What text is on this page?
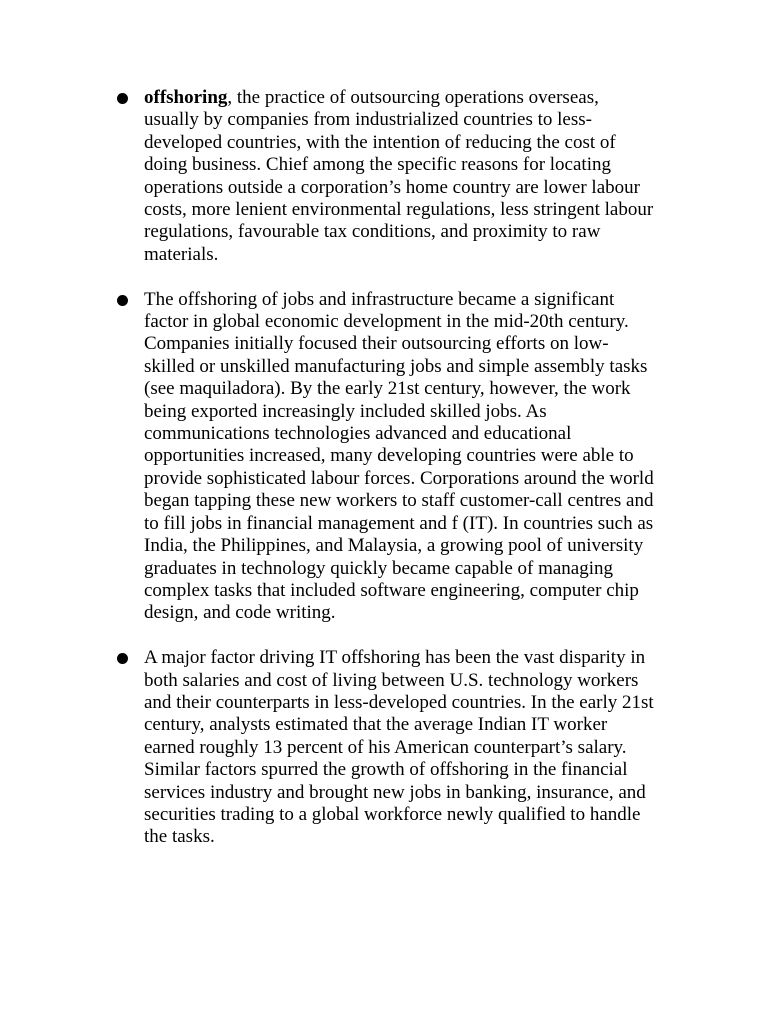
offshoring, the practice of outsourcing operations overseas, usually by companies from industrialized countries to less-developed countries, with the intention of reducing the cost of doing business. Chief among the specific reasons for locating operations outside a corporation’s home country are lower labour costs, more lenient environmental regulations, less stringent labour regulations, favourable tax conditions, and proximity to raw materials.
The offshoring of jobs and infrastructure became a significant factor in global economic development in the mid-20th century. Companies initially focused their outsourcing efforts on low-skilled or unskilled manufacturing jobs and simple assembly tasks (see maquiladora). By the early 21st century, however, the work being exported increasingly included skilled jobs. As communications technologies advanced and educational opportunities increased, many developing countries were able to provide sophisticated labour forces. Corporations around the world began tapping these new workers to staff customer-call centres and to fill jobs in financial management and f (IT). In countries such as India, the Philippines, and Malaysia, a growing pool of university graduates in technology quickly became capable of managing complex tasks that included software engineering, computer chip design, and code writing.
A major factor driving IT offshoring has been the vast disparity in both salaries and cost of living between U.S. technology workers and their counterparts in less-developed countries. In the early 21st century, analysts estimated that the average Indian IT worker earned roughly 13 percent of his American counterpart’s salary. Similar factors spurred the growth of offshoring in the financial services industry and brought new jobs in banking, insurance, and securities trading to a global workforce newly qualified to handle the tasks.
